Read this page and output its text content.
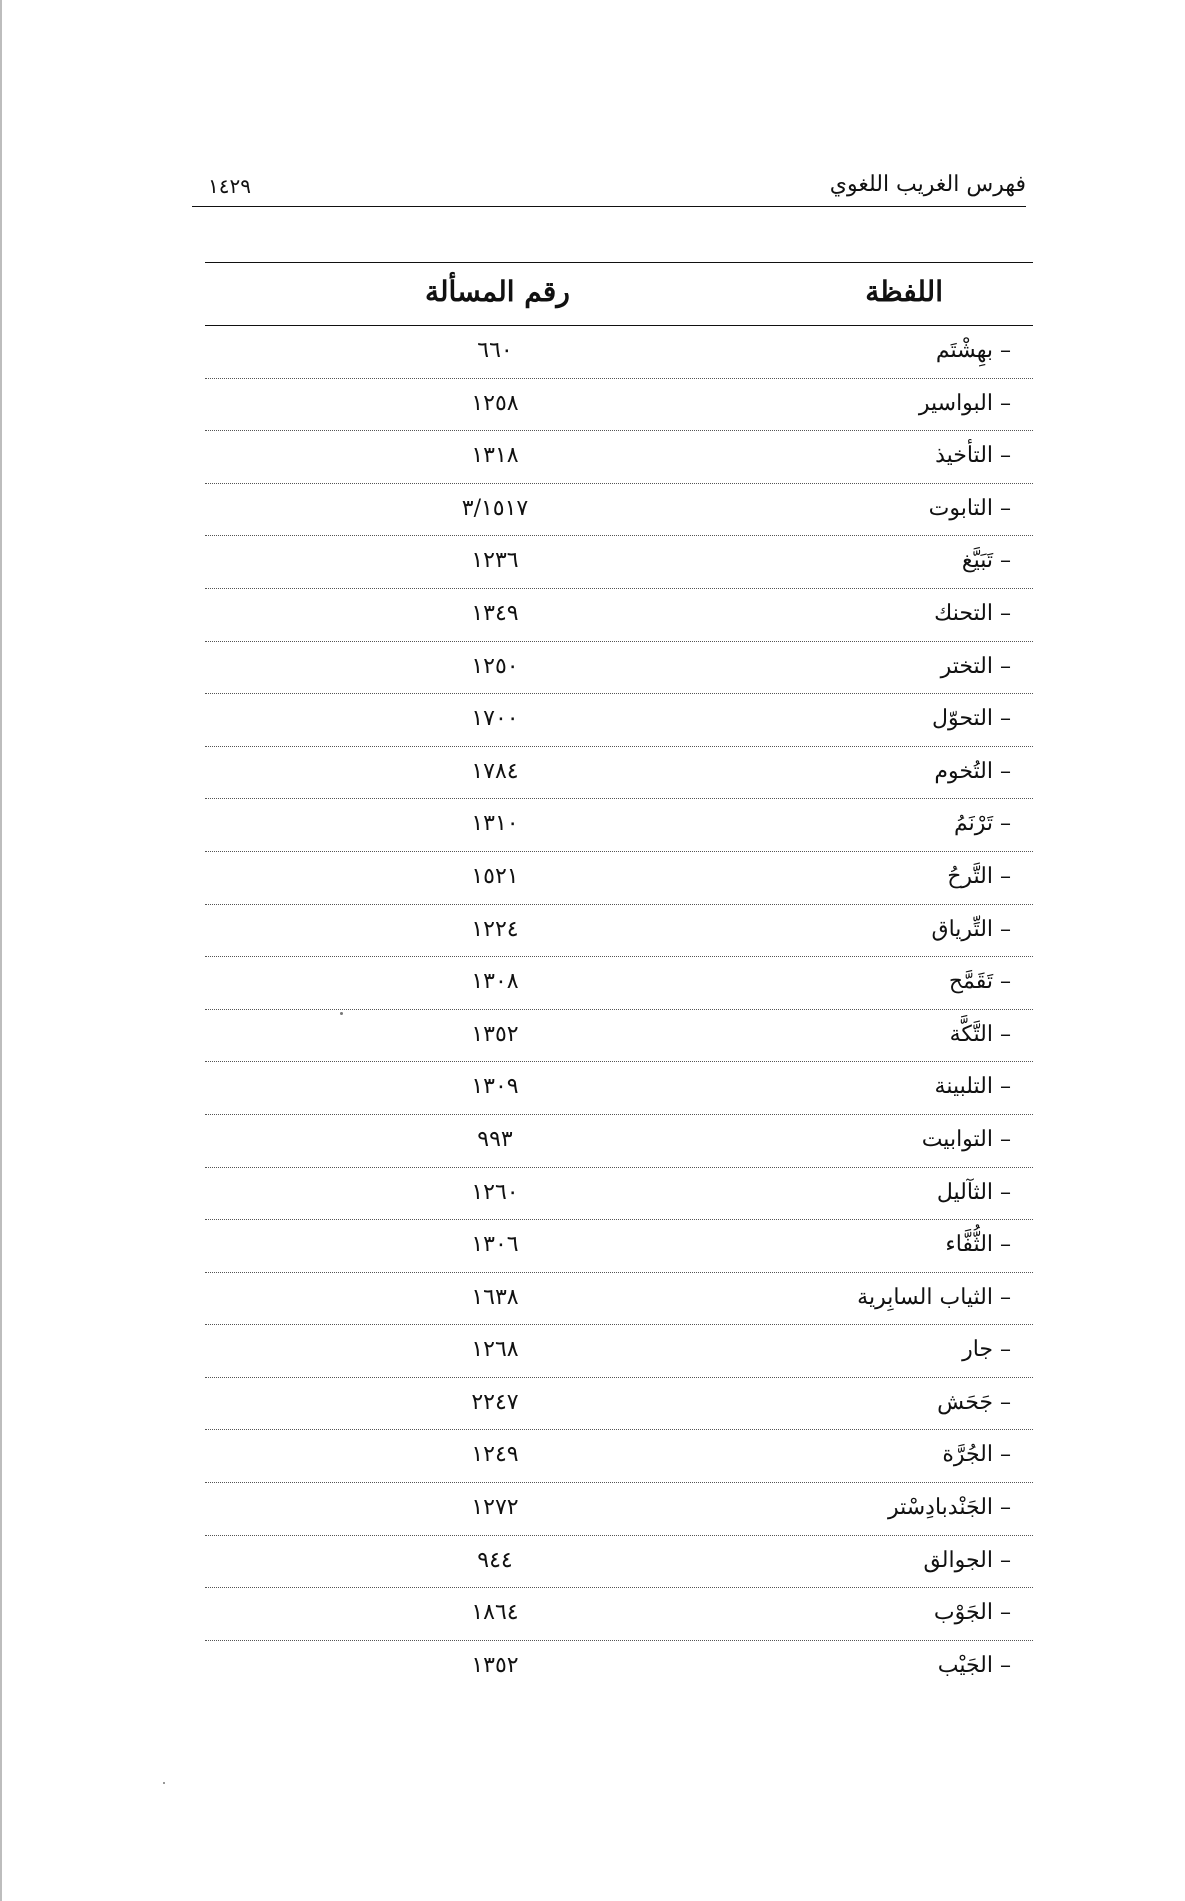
فهرس الغريب اللغوي
١٤٢٩
اللفظة
رقم المسألة
– بهِشْتَم
٦٦٠
– البواسير
١٢٥٨
– التأخيذ
١٣١٨
– التابوت
٣/١٥١٧
– تَبَيَّغ
١٢٣٦
– التحنك
١٣٤٩
– التختر
١٢٥٠
– التحوّل
١٧٠٠
– التُخوم
١٧٨٤
– تَرْنَمُ
١٣١٠
– التَّرحُ
١٥٢١
– التِّرياق
١٢٢٤
– تَقَمَّح
١٣٠٨
– التَّكَّة
١٣٥٢
– التلبينة
١٣٠٩
– التوابيت
٩٩٣
– الثآليل
١٢٦٠
– الثُّفَّاء
١٣٠٦
– الثياب السابِرية
١٦٣٨
– جار
١٢٦٨
– جَحَش
٢٢٤٧
– الجُرَّة
١٢٤٩
– الجَنْدبادِسْتر
١٢٧٢
– الجوالق
٩٤٤
– الجَوْب
١٨٦٤
– الجَيْب
١٣٥٢
